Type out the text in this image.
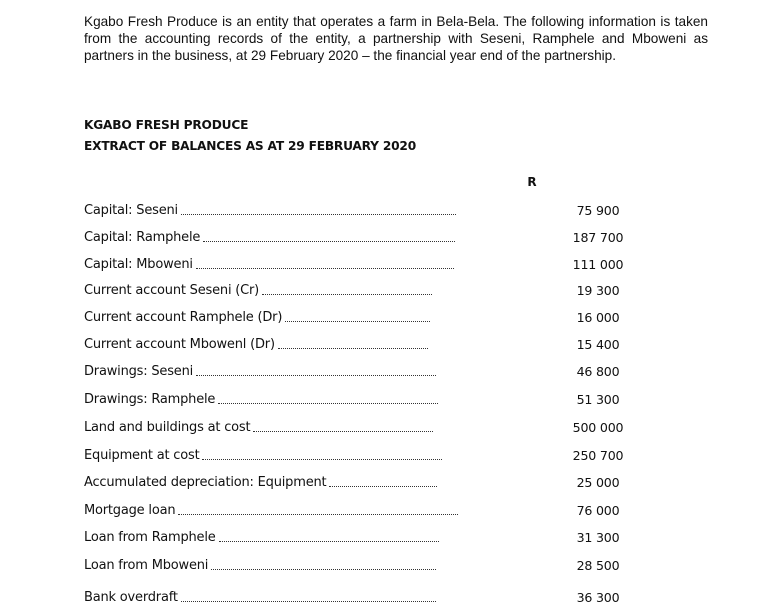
Kgabo Fresh Produce is an entity that operates a farm in Bela-Bela. The following information is taken from the accounting records of the entity, a partnership with Seseni, Ramphele and Mboweni as partners in the business, at 29 February 2020 – the financial year end of the partnership.

KGABO FRESH PRODUCE
EXTRACT OF BALANCES AS AT 29 FEBRUARY 2020
R
Capital: Seseni	75 900
Capital: Ramphele	187 700
Capital: Mboweni	111 000
Current account Seseni (Cr)	19 300
Current account Ramphele (Dr)	16 000
Current account Mbowenl (Dr)	15 400
Drawings: Seseni	46 800
Drawings: Ramphele	51 300
Land and buildings at cost	500 000
Equipment at cost	250 700
Accumulated depreciation: Equipment	25 000
Mortgage loan	76 000
Loan from Ramphele	31 300
Loan from Mboweni	28 500
Bank overdraft	36 300
